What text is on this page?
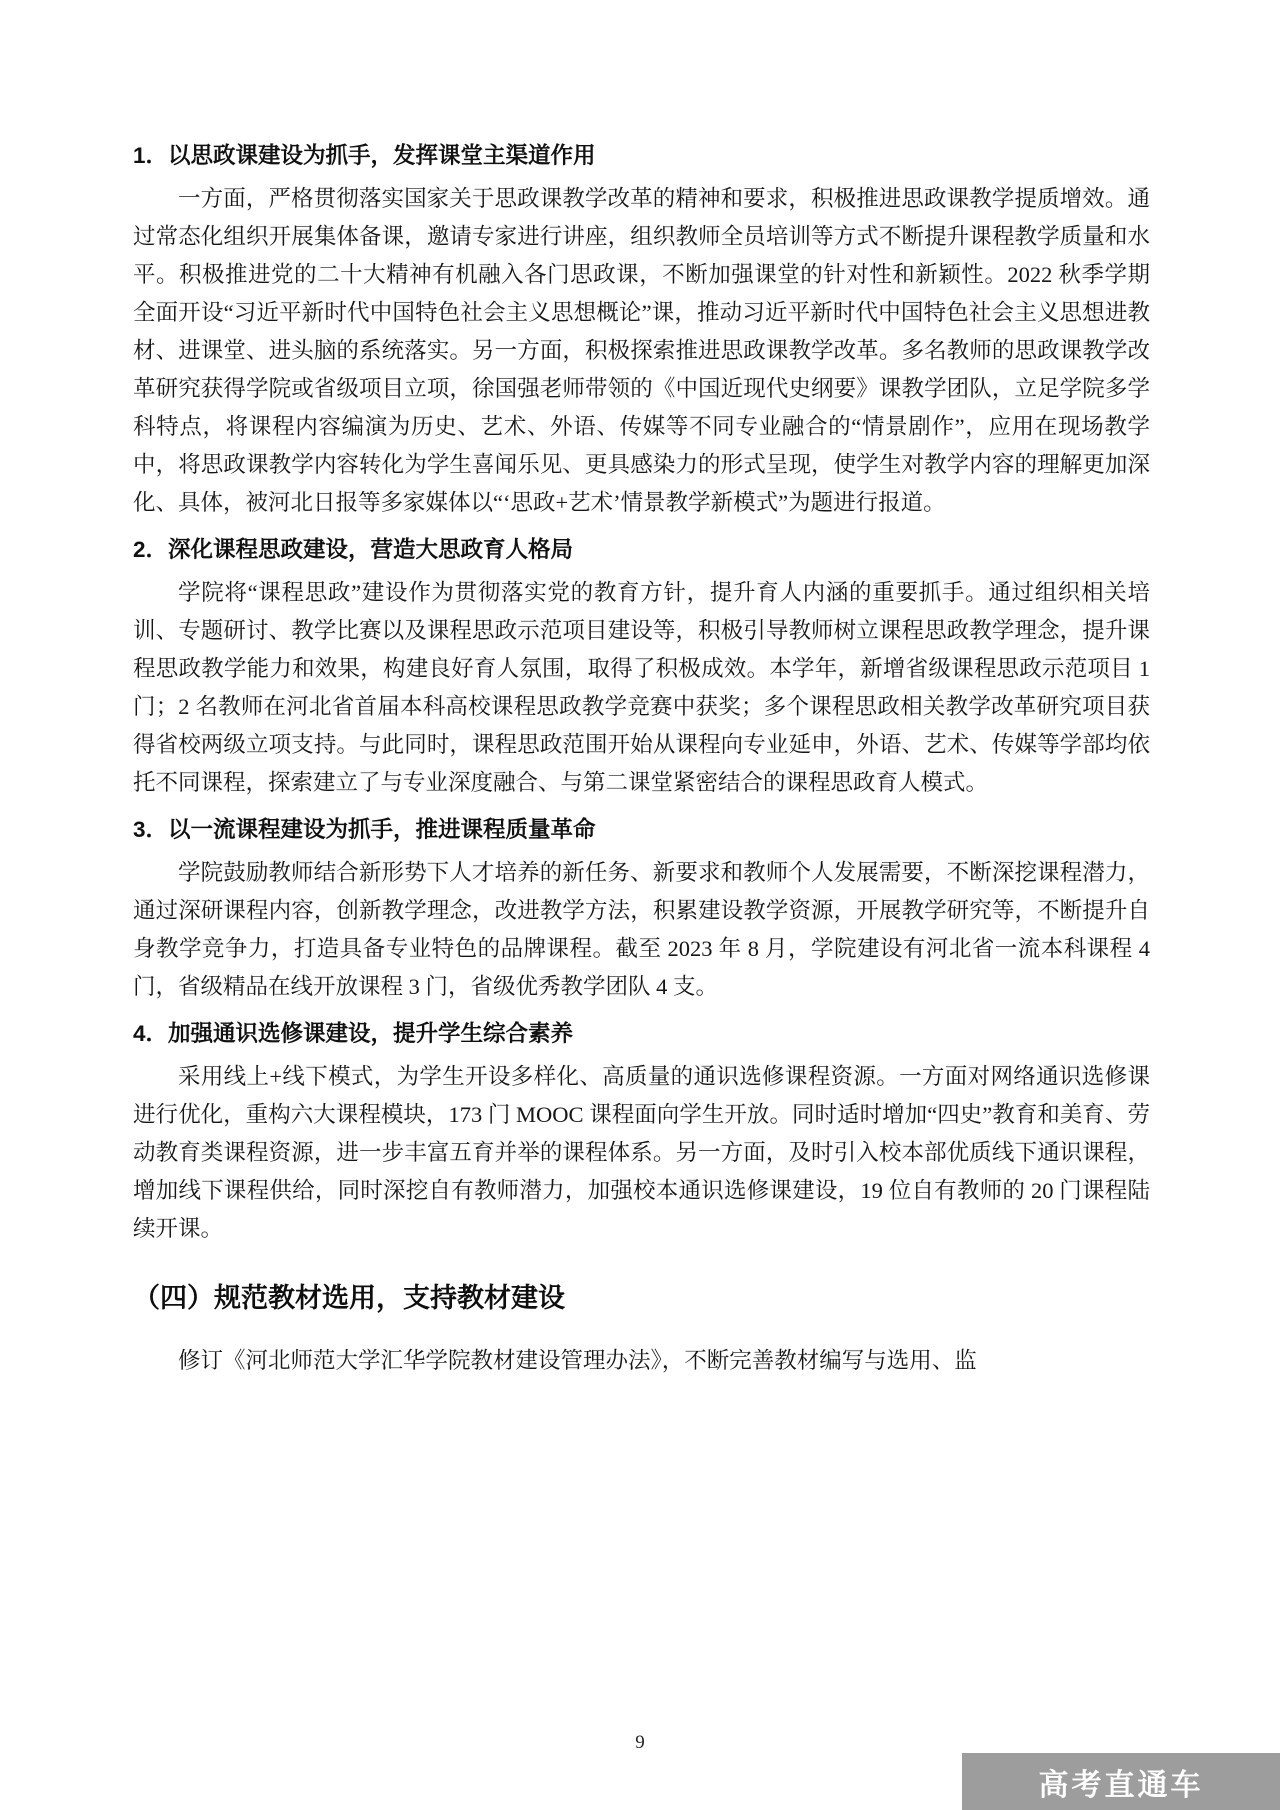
1．以思政课建设为抓手，发挥课堂主渠道作用

一方面，严格贯彻落实国家关于思政课教学改革的精神和要求，积极推进思政课教学提质增效。通过常态化组织开展集体备课，邀请专家进行讲座，组织教师全员培训等方式不断提升课程教学质量和水平。积极推进党的二十大精神有机融入各门思政课，不断加强课堂的针对性和新颖性。2022 秋季学期全面开设“习近平新时代中国特色社会主义思想概论”课，推动习近平新时代中国特色社会主义思想进教材、进课堂、进头脑的系统落实。另一方面，积极探索推进思政课教学改革。多名教师的思政课教学改革研究获得学院或省级项目立项，徐国强老师带领的《中国近现代史纲要》课教学团队，立足学院多学科特点，将课程内容编演为历史、艺术、外语、传媒等不同专业融合的“情景剧作”，应用在现场教学中，将思政课教学内容转化为学生喜闻乐见、更具感染力的形式呈现，使学生对教学内容的理解更加深化、具体，被河北日报等多家媒体以“‘思政+艺术’情景教学新模式”为题进行报道。

2．深化课程思政建设，营造大思政育人格局

学院将“课程思政”建设作为贯彻落实党的教育方针，提升育人内涵的重要抓手。通过组织相关培训、专题研讨、教学比赛以及课程思政示范项目建设等，积极引导教师树立课程思政教学理念，提升课程思政教学能力和效果，构建良好育人氛围，取得了积极成效。本学年，新增省级课程思政示范项目 1 门；2 名教师在河北省首届本科高校课程思政教学竞赛中获奖；多个课程思政相关教学改革研究项目获得省校两级立项支持。与此同时，课程思政范围开始从课程向专业延申，外语、艺术、传媒等学部均依托不同课程，探索建立了与专业深度融合、与第二课堂紧密结合的课程思政育人模式。

3．以一流课程建设为抓手，推进课程质量革命

学院鼓励教师结合新形势下人才培养的新任务、新要求和教师个人发展需要，不断深挖课程潜力，通过深研课程内容，创新教学理念，改进教学方法，积累建设教学资源，开展教学研究等，不断提升自身教学竞争力，打造具备专业特色的品牌课程。截至 2023 年 8 月，学院建设有河北省一流本科课程 4 门，省级精品在线开放课程 3 门，省级优秀教学团队 4 支。

4．加强通识选修课建设，提升学生综合素养

采用线上+线下模式，为学生开设多样化、高质量的通识选修课程资源。一方面对网络通识选修课进行优化，重构六大课程模块，173 门 MOOC 课程面向学生开放。同时适时增加“四史”教育和美育、劳动教育类课程资源，进一步丰富五育并举的课程体系。另一方面，及时引入校本部优质线下通识课程，增加线下课程供给，同时深挖自有教师潜力，加强校本通识选修课建设，19 位自有教师的 20 门课程陆续开课。

（四）规范教材选用，支持教材建设

修订《河北师范大学汇华学院教材建设管理办法》，不断完善教材编写与选用、监

9
高考直通车
